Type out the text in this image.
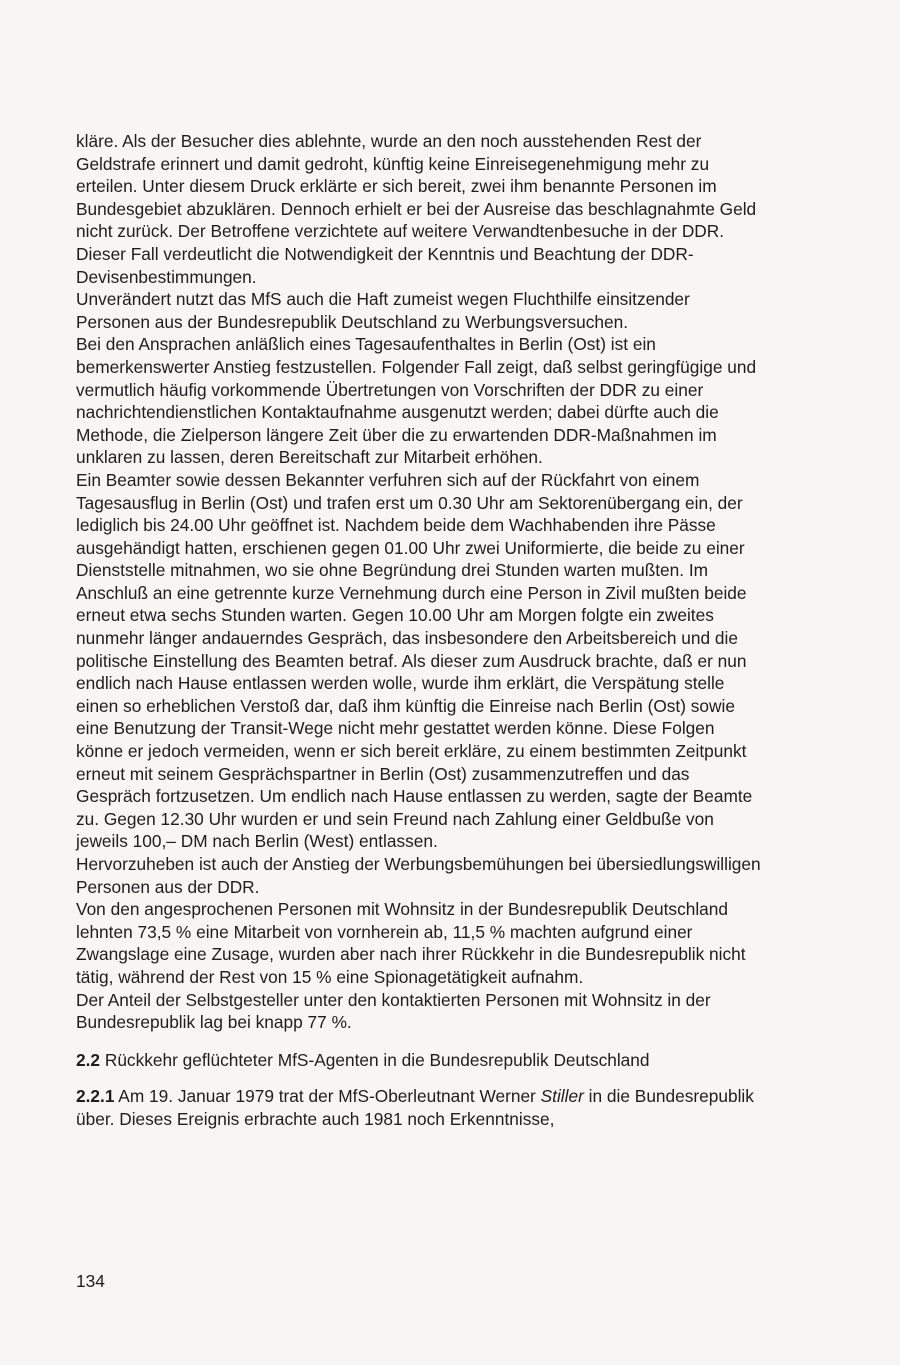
kläre. Als der Besucher dies ablehnte, wurde an den noch ausstehenden Rest der Geldstrafe erinnert und damit gedroht, künftig keine Einreisegenehmigung mehr zu erteilen. Unter diesem Druck erklärte er sich bereit, zwei ihm benannte Personen im Bundesgebiet abzuklären. Dennoch erhielt er bei der Ausreise das beschlagnahmte Geld nicht zurück. Der Betroffene verzichtete auf weitere Verwandtenbesuche in der DDR.
Dieser Fall verdeutlicht die Notwendigkeit der Kenntnis und Beachtung der DDR-Devisenbestimmungen.
Unverändert nutzt das MfS auch die Haft zumeist wegen Fluchthilfe einsitzender Personen aus der Bundesrepublik Deutschland zu Werbungsversuchen.
Bei den Ansprachen anläßlich eines Tagesaufenthaltes in Berlin (Ost) ist ein bemerkenswerter Anstieg festzustellen. Folgender Fall zeigt, daß selbst geringfügige und vermutlich häufig vorkommende Übertretungen von Vorschriften der DDR zu einer nachrichtendienstlichen Kontaktaufnahme ausgenutzt werden; dabei dürfte auch die Methode, die Zielperson längere Zeit über die zu erwartenden DDR-Maßnahmen im unklaren zu lassen, deren Bereitschaft zur Mitarbeit erhöhen.
Ein Beamter sowie dessen Bekannter verfuhren sich auf der Rückfahrt von einem Tagesausflug in Berlin (Ost) und trafen erst um 0.30 Uhr am Sektorenübergang ein, der lediglich bis 24.00 Uhr geöffnet ist. Nachdem beide dem Wachhabenden ihre Pässe ausgehändigt hatten, erschienen gegen 01.00 Uhr zwei Uniformierte, die beide zu einer Dienststelle mitnahmen, wo sie ohne Begründung drei Stunden warten mußten. Im Anschluß an eine getrennte kurze Vernehmung durch eine Person in Zivil mußten beide erneut etwa sechs Stunden warten. Gegen 10.00 Uhr am Morgen folgte ein zweites nunmehr länger andauerndes Gespräch, das insbesondere den Arbeitsbereich und die politische Einstellung des Beamten betraf. Als dieser zum Ausdruck brachte, daß er nun endlich nach Hause entlassen werden wolle, wurde ihm erklärt, die Verspätung stelle einen so erheblichen Verstoß dar, daß ihm künftig die Einreise nach Berlin (Ost) sowie eine Benutzung der Transit-Wege nicht mehr gestattet werden könne. Diese Folgen könne er jedoch vermeiden, wenn er sich bereit erkläre, zu einem bestimmten Zeitpunkt erneut mit seinem Gesprächspartner in Berlin (Ost) zusammenzutreffen und das Gespräch fortzusetzen. Um endlich nach Hause entlassen zu werden, sagte der Beamte zu. Gegen 12.30 Uhr wurden er und sein Freund nach Zahlung einer Geldbuße von jeweils 100,– DM nach Berlin (West) entlassen.
Hervorzuheben ist auch der Anstieg der Werbungsbemühungen bei übersiedlungswilligen Personen aus der DDR.
Von den angesprochenen Personen mit Wohnsitz in der Bundesrepublik Deutschland lehnten 73,5 % eine Mitarbeit von vornherein ab, 11,5 % machten aufgrund einer Zwangslage eine Zusage, wurden aber nach ihrer Rückkehr in die Bundesrepublik nicht tätig, während der Rest von 15 % eine Spionagetätigkeit aufnahm.
Der Anteil der Selbstgesteller unter den kontaktierten Personen mit Wohnsitz in der Bundesrepublik lag bei knapp 77 %.

2.2 Rückkehr geflüchteter MfS-Agenten in die Bundesrepublik Deutschland

2.2.1 Am 19. Januar 1979 trat der MfS-Oberleutnant Werner Stiller in die Bundesrepublik über. Dieses Ereignis erbrachte auch 1981 noch Erkenntnisse,

134
